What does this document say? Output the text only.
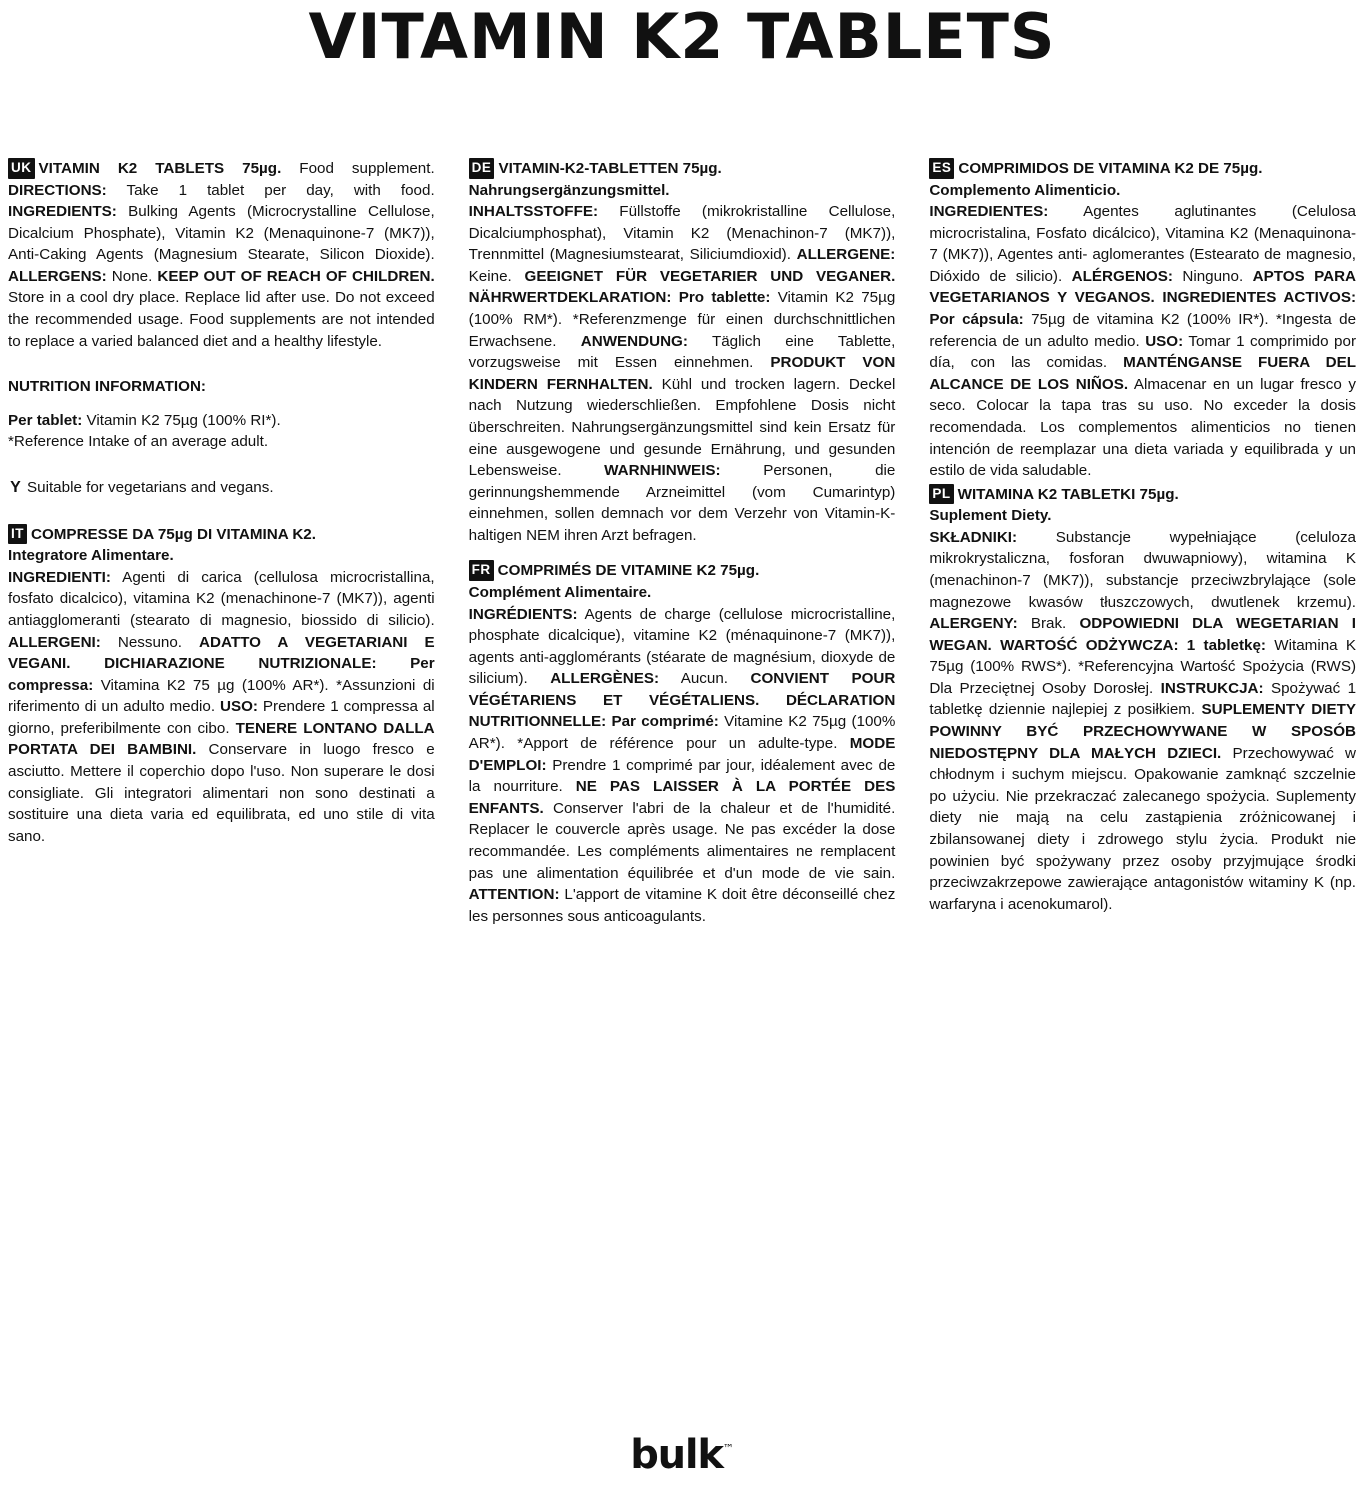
VITAMIN K2 TABLETS

UK VITAMIN K2 TABLETS 75µg. Food supplement. DIRECTIONS: Take 1 tablet per day, with food. INGREDIENTS: Bulking Agents (Microcrystalline Cellulose, Dicalcium Phosphate), Vitamin K2 (Menaquinone-7 (MK7)), Anti-Caking Agents (Magnesium Stearate, Silicon Dioxide). ALLERGENS: None. KEEP OUT OF REACH OF CHILDREN. Store in a cool dry place. Replace lid after use. Do not exceed the recommended usage. Food supplements are not intended to replace a varied balanced diet and a healthy lifestyle.

NUTRITION INFORMATION:

Per tablet: Vitamin K2 75µg (100% RI*).

*Reference Intake of an average adult.

Y Suitable for vegetarians and vegans.

IT COMPRESSE DA 75µg DI VITAMINA K2.

Integratore Alimentare.

INGREDIENTI: Agenti di carica (cellulosa microcristallina, fosfato dicalcico), vitamina K2 (menachinone-7 (MK7)), agenti antiagglomeranti (stearato di magnesio, biossido di silicio). ALLERGENI: Nessuno. ADATTO A VEGETARIANI E VEGANI. DICHIARAZIONE NUTRIZIONALE: Per compressa: Vitamina K2 75 µg (100% AR*). *Assunzioni di riferimento di un adulto medio. USO: Prendere 1 compressa al giorno, preferibilmente con cibo. TENERE LONTANO DALLA PORTATA DEI BAMBINI. Conservare in luogo fresco e asciutto. Mettere il coperchio dopo l'uso. Non superare le dosi consigliate. Gli integratori alimentari non sono destinati a sostituire una dieta varia ed equilibrata, ed uno stile di vita sano.

DE VITAMIN-K2-TABLETTEN 75µg.

Nahrungsergänzungsmittel.

INHALTSSTOFFE: Füllstoffe (mikrokristalline Cellulose, Dicalciumphosphat), Vitamin K2 (Menachinon-7 (MK7)), Trennmittel (Magnesiumstearat, Siliciumdioxid). ALLERGENE: Keine. GEEIGNET FÜR VEGETARIER UND VEGANER. NÄHRWERTDEKLARATION: Pro tablette: Vitamin K2 75µg (100% RM*). *Referenzmenge für einen durchschnittlichen Erwachsene. ANWENDUNG: Täglich eine Tablette, vorzugsweise mit Essen einnehmen. PRODUKT VON KINDERN FERNHALTEN. Kühl und trocken lagern. Deckel nach Nutzung wiederschließen. Empfohlene Dosis nicht überschreiten. Nahrungsergänzungsmittel sind kein Ersatz für eine ausgewogene und gesunde Ernährung, und gesunden Lebensweise. WARNHINWEIS: Personen, die gerinnungshemmende Arzneimittel (vom Cumarintyp) einnehmen, sollen demnach vor dem Verzehr von Vitamin-K-haltigen NEM ihren Arzt befragen.

FR COMPRIMÉS DE VITAMINE K2 75µg.

Complément Alimentaire.

INGRÉDIENTS: Agents de charge (cellulose microcristalline, phosphate dicalcique), vitamine K2 (ménaquinone-7 (MK7)), agents anti-agglomérants (stéarate de magnésium, dioxyde de silicium). ALLERGÈNES: Aucun. CONVIENT POUR VÉGÉTARIENS ET VÉGÉTALIENS. DÉCLARATION NUTRITIONNELLE: Par comprimé: Vitamine K2 75µg (100% AR*). *Apport de référence pour un adulte-type. MODE D'EMPLOI: Prendre 1 comprimé par jour, idéalement avec de la nourriture. NE PAS LAISSER À LA PORTÉE DES ENFANTS. Conserver l'abri de la chaleur et de l'humidité. Replacer le couvercle après usage. Ne pas excéder la dose recommandée. Les compléments alimentaires ne remplacent pas une alimentation équilibrée et d'un mode de vie sain. ATTENTION: L'apport de vitamine K doit être déconseillé chez les personnes sous anticoagulants.

ES COMPRIMIDOS DE VITAMINA K2 DE 75µg.

Complemento Alimenticio.

INGREDIENTES: Agentes aglutinantes (Celulosa microcristalina, Fosfato dicálcico), Vitamina K2 (Menaquinona-7 (MK7)), Agentes anti- aglomerantes (Estearato de magnesio, Dióxido de silicio). ALÉRGENOS: Ninguno. APTOS PARA VEGETARIANOS Y VEGANOS. INGREDIENTES ACTIVOS: Por cápsula: 75µg de vitamina K2 (100% IR*). *Ingesta de referencia de un adulto medio. USO: Tomar 1 comprimido por día, con las comidas. MANTÉNGANSE FUERA DEL ALCANCE DE LOS NIÑOS. Almacenar en un lugar fresco y seco. Colocar la tapa tras su uso. No exceder la dosis recomendada. Los complementos alimenticios no tienen intención de reemplazar una dieta variada y equilibrada y un estilo de vida saludable.

PL WITAMINA K2 TABLETKI 75µg.

Suplement Diety.

SKŁADNIKI: Substancje wypełniające (celuloza mikrokrystaliczna, fosforan dwuwapniowy), witamina K (menachinon-7 (MK7)), substancje przeciwzbrylające (sole magnezowe kwasów tłuszczowych, dwutlenek krzemu). ALERGENY: Brak. ODPOWIEDNI DLA WEGETARIAN I WEGAN. WARTOŚĆ ODŻYWCZA: 1 tabletkę: Witamina K 75µg (100% RWS*). *Referencyjna Wartość Spożycia (RWS) Dla Przeciętnej Osoby Dorosłej. INSTRUKCJA: Spożywać 1 tabletkę dziennie najlepiej z posiłkiem. SUPLEMENTY DIETY POWINNY BYĆ PRZECHOWYWANE W SPOSÓB NIEDOSTĘPNY DLA MAŁYCH DZIECI. Przechowywać w chłodnym i suchym miejscu. Opakowanie zamknąć szczelnie po użyciu. Nie przekraczać zalecanego spożycia. Suplementy diety nie mają na celu zastąpienia zróżnicowanej i zbilansowanej diety i zdrowego stylu życia. Produkt nie powinien być spożywany przez osoby przyjmujące środki przeciwzakrzepowe zawierające antagonistów witaminy K (np. warfaryna i acenokumarol).

bulk™
